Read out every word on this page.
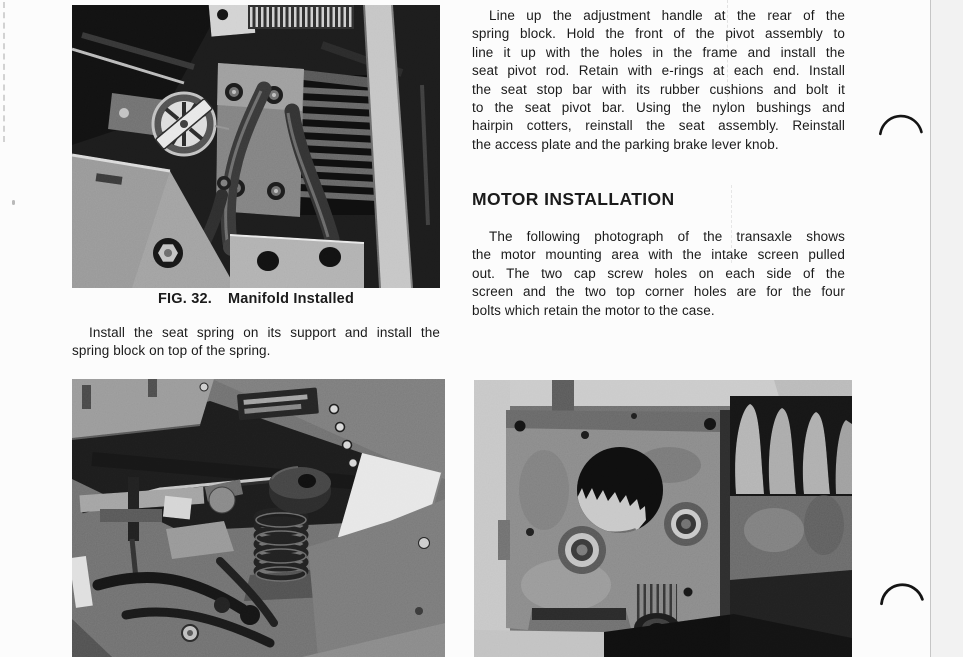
FIG. 32. Manifold Installed
Install the seat spring on its support and install the
spring block on top of the spring.
Line up the adjustment handle at the rear of the
spring block. Hold the front of the pivot assembly to
line it up with the holes in the frame and install the
seat pivot rod. Retain with e-rings at each end. Install
the seat stop bar with its rubber cushions and bolt it
to the seat pivot bar. Using the nylon bushings and
hairpin cotters, reinstall the seat assembly. Reinstall
the access plate and the parking brake lever knob.
MOTOR INSTALLATION
The following photograph of the transaxle shows
the motor mounting area with the intake screen pulled
out. The two cap screw holes on each side of the
screen and the two top corner holes are for the four
bolts which retain the motor to the case.
